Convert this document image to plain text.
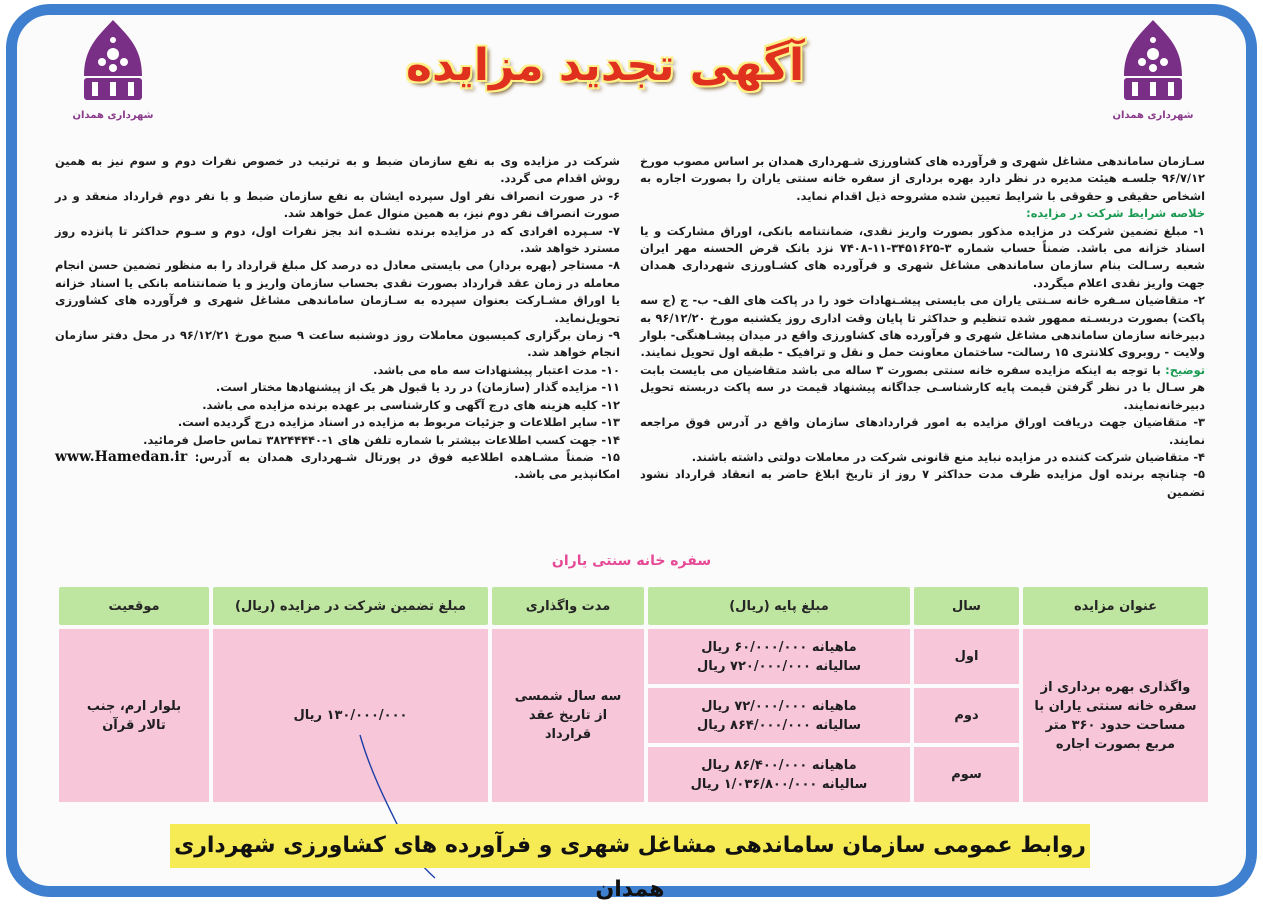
شهرداری همدان
شهرداری همدان
آگهی تجدید مزایده

سـازمان ساماندهی مشاغل شهری و فرآورده های کشاورزی شـهرداری همدان بر اساس مصوب مورخ ۹۶/۷/۱۲ جلسـه هیئت مدیره در نظر دارد بهره برداری از سفره خانه سنتی یاران را بصورت اجاره به اشخاص حقیقی و حقوقی با شرایط تعیین شده مشروحه ذیل اقدام نماید.

خلاصه شرایط شرکت در مزایده:

۱- مبلغ تضمین شرکت در مزایده مذکور بصورت واریز نقدی، ضمانتنامه بانکی، اوراق مشارکت و یا اسناد خزانه می باشد. ضمناً حساب شماره ۳-۳۴۵۱۶۲۵-۱۱-۷۴۰۸ نزد بانک قرض الحسنه مهر ایران شعبه رسـالت بنام سازمان ساماندهی مشاغل شهری و فرآورده های کشـاورزی شهرداری همدان جهت واریز نقدی اعلام میگردد.

۲- متقاضیان سـفره خانه سـنتی یاران می بایستی پیشـنهادات خود را در پاکت های الف- ب- ج (ج سه پاکت) بصورت دربسـته ممهور شده تنظیم و حداکثر تا پایان وقت اداری روز یکشنبه مورخ ۹۶/۱۲/۲۰ به دبیرخانه سازمان ساماندهی مشاغل شهری و فرآورده های کشاورزی واقع در میدان پیشـاهنگی- بلوار ولایت - روبروی کلانتری ۱۵ رسالت- ساختمان معاونت حمل و نقل و ترافیک - طبقه اول تحویل نمایند.

توضیح: با توجه به اینکه مزایده سفره خانه سنتی بصورت ۳ ساله می باشد متقاضیان می بایست بابت هر سـال با در نظر گرفتن قیمت پایه کارشناسـی جداگانه پیشنهاد قیمت در سه پاکت دربسته تحویل دبیرخانه‌نمایند.

۳- متقاضیان جهت دریافت اوراق مزایده به امور قراردادهای سازمان واقع در آدرس فوق مراجعه نمایند.

۴- متقاضیان شرکت کننده در مزایده نباید منع قانونی شرکت در معاملات دولتی داشته باشند.

۵- چنانچه برنده اول مزایده ظرف مدت حداکثر ۷ روز از تاریخ ابلاغ حاضر به انعقاد قرارداد نشود تضمین

شرکت در مزایده وی به نفع سازمان ضبط و به ترتیب در خصوص نفرات دوم و سوم نیز به همین روش اقدام می گردد.

۶- در صورت انصراف نفر اول سپرده ایشان به نفع سازمان ضبط و با نفر دوم قرارداد منعقد و در صورت انصراف نفر دوم نیز، به همین منوال عمل خواهد شد.

۷- سـپرده افرادی که در مزایده برنده نشـده اند بجز نفرات اول، دوم و سـوم حداکثر تا پانزده روز مسترد خواهد شد.

۸- مستاجر (بهره بردار) می بایستی معادل ده درصد کل مبلغ قرارداد را به منظور تضمین حسن انجام معامله در زمان عقد قرارداد بصورت نقدی بحساب سازمان واریز و یا ضمانتنامه بانکی یا اسناد خزانه یا اوراق مشـارکت بعنوان سپرده به سـازمان ساماندهی مشاغل شهری و فرآورده های کشاورزی تحویل‌نماید.

۹- زمان برگزاری کمیسیون معاملات روز دوشنبه ساعت ۹ صبح مورخ ۹۶/۱۲/۲۱ در محل دفتر سازمان انجام خواهد شد.

۱۰- مدت اعتبار پیشنهادات سه ماه می باشد.

۱۱- مزایده گذار (سازمان) در رد یا قبول هر یک از پیشنهادها مختار است.

۱۲- کلیه هزینه های درج آگهی و کارشناسی بر عهده برنده مزایده می باشد.

۱۳- سایر اطلاعات و جزئیات مربوط به مزایده در اسناد مزایده درج گردیده است.

۱۴- جهت کسب اطلاعات بیشتر با شماره تلفن های ۱-۳۸۲۴۴۴۴۰ تماس حاصل فرمائید.

۱۵- ضمناً مشـاهده اطلاعیه فوق در پورتال شـهرداری همدان به آدرس: www.Hamedan.ir امکانپذیر می باشد.

سفره خانه سنتی یاران
عنوان مزایده	سال	مبلغ پایه (ریال)	مدت واگذاری	مبلغ تضمین شرکت در مزایده (ریال)	موقعیت
واگذاری بهره برداری از سفره خانه سنتی یاران با مساحت حدود ۳۶۰ متر مربع بصورت اجاره	اول	ماهیانه ۶۰/۰۰۰/۰۰۰ ریال
سالیانه ۷۲۰/۰۰۰/۰۰۰ ریال	سه سال شمسی از تاریخ عقد قرارداد	۱۳۰/۰۰۰/۰۰۰ ریال	بلوار ارم، جنب تالار قرآن
	دوم	ماهیانه ۷۲/۰۰۰/۰۰۰ ریال
سالیانه ۸۶۴/۰۰۰/۰۰۰ ریال			

	سوم	ماهیانه ۸۶/۴۰۰/۰۰۰ ریال
سالیانه ۱/۰۳۶/۸۰۰/۰۰۰ ریال			
روابط عمومی سازمان ساماندهی مشاغل شهری و فرآورده های کشاورزی شهرداری همدان
